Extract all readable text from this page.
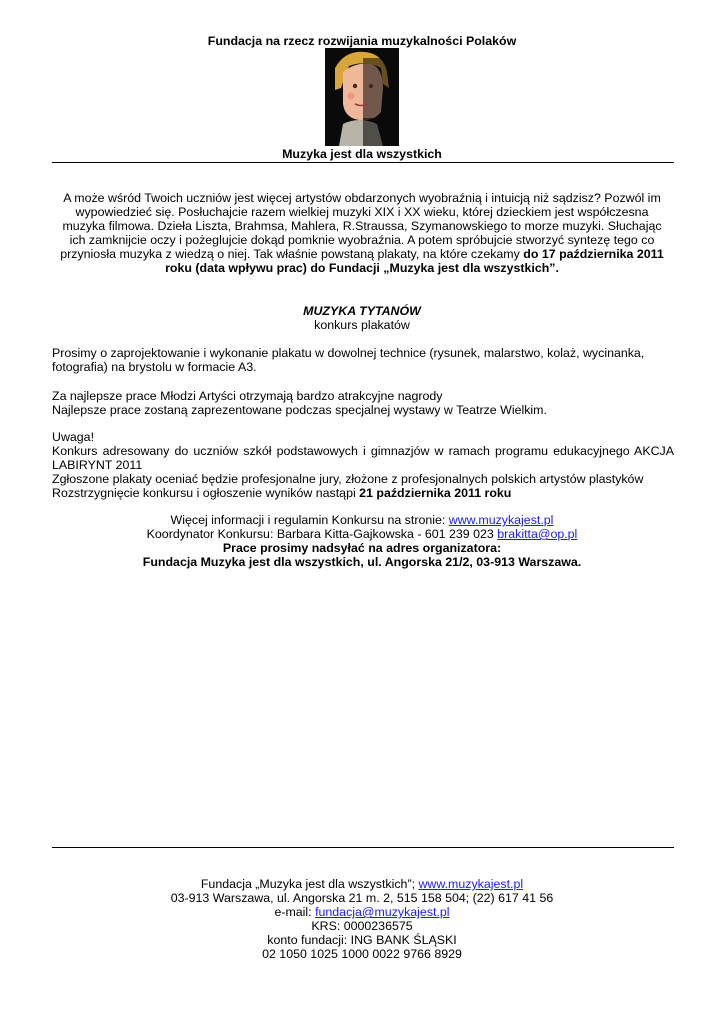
Fundacja na rzecz rozwijania muzykalności Polaków
Muzyka jest dla wszystkich
A może wśród Twoich uczniów jest więcej artystów obdarzonych wyobraźnią i intuicją niż sądzisz? Pozwól im wypowiedzieć się. Posłuchajcie razem wielkiej muzyki XIX i XX wieku, której dzieckiem jest współczesna muzyka filmowa. Dzieła Liszta, Brahmsa, Mahlera, R.Straussa, Szymanowskiego to morze muzyki. Słuchając ich zamknijcie oczy i pożeglujcie dokąd pomknie wyobraźnia. A potem spróbujcie stworzyć syntezę tego co przyniosła muzyka z wiedzą o niej. Tak właśnie powstaną plakaty, na które czekamy do 17 października 2011 roku (data wpływu prac) do Fundacji „Muzyka jest dla wszystkich”.

MUZYKA TYTANÓW

konkurs plakatów

Prosimy o zaprojektowanie i wykonanie plakatu w dowolnej technice (rysunek, malarstwo, kolaż, wycinanka, fotografia) na brystolu w formacie A3.

Za najlepsze prace Młodzi Artyści otrzymają bardzo atrakcyjne nagrody

Najlepsze prace zostaną zaprezentowane podczas specjalnej wystawy w Teatrze Wielkim.

Uwaga!

Konkurs adresowany do uczniów szkół podstawowych i gimnazjów w ramach programu edukacyjnego AKCJA

LABIRYNT 2011

Zgłoszone plakaty oceniać będzie profesjonalne jury, złożone z profesjonalnych polskich artystów plastyków

Rozstrzygnięcie konkursu i ogłoszenie wyników nastąpi 21 października 2011 roku

Więcej informacji i regulamin Konkursu na stronie: www.muzykajest.pl

Koordynator Konkursu: Barbara Kitta-Gajkowska - 601 239 023 brakitta@op.pl

Prace prosimy nadsyłać na adres organizatora:

Fundacja Muzyka jest dla wszystkich, ul. Angorska 21/2, 03-913 Warszawa.

Fundacja „Muzyka jest dla wszystkich”; www.muzykajest.pl

03-913 Warszawa, ul. Angorska 21 m. 2, 515 158 504; (22) 617 41 56

e-mail: fundacja@muzykajest.pl

KRS: 0000236575

konto fundacji: ING BANK ŚLĄSKI

02 1050 1025 1000 0022 9766 8929
